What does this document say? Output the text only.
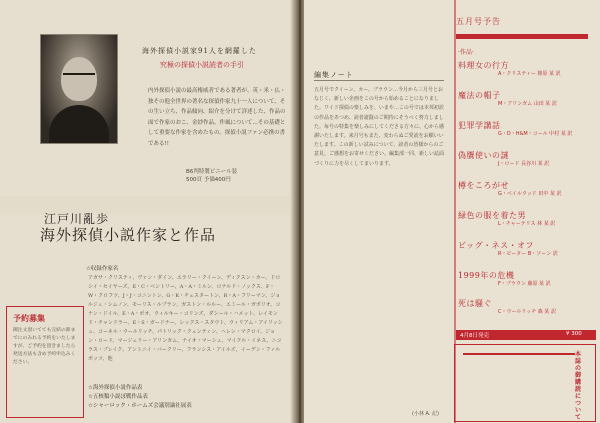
海外探偵小説家91人を網羅した
究極の探偵小説読者の手引
内外探偵小説の最高権威者である著者が、英・米・仏・独その他全世界の著名な探偵作家九十一人について、その生い立ち、作品傾向、紹介を分けて詳述した、作品の面で作家のおこ、金紗作品、作風について…その基礎として重要な作家を含めたもの。探偵小説ファン必携の書である!!
B6判特製ビニール装
500頁 予価400円
江戸川亂歩
海外探偵小説作家と作品
☆収録作家名
アガサ・クリスティ、ヴァン・ダイン、エラリー・クイーン、ディクスン・カー、ドロシイ・セイヤーズ、E・C・ベントリー、A・A・ミルン、ロナルド・ノックス、F・W・クロフツ、J・J・コニントン、G・K・チェスタートン、R・A・フリーマン、ジョルジュ・シムノン、モーリス・ルブラン、ガストン・ルルー、エミール・ガボリオ、コナン・ドイル、E・A・ポオ、ウィルキー・コリンズ、ダシール・ハメット、レイモンド・チャンドラー、E・S・ガードナー、レックス・スタウト、ウィリアム・アイリッシュ、コーネル・ウールリッチ、パトリック・クェンティン、ヘレン・マクロイ、ジョン・ロード、マージェリー・アリンガム、ナイオ・マーシュ、マイクル・イネス、ニコラス・ブレイク、アントニイ・バークリー、フランシス・アイルズ、イーデン・フィルポッツ、他
☆海外探偵小説作品表
☆五核類小説ぼ戦作品表
☆シャーロック・ホームズ会議別論社展表
予約募集
御注文頂いてても完結の節までにのみれる予約をいたしますが、ご予約を頂きましたら発送方法も含め予約申込みください。
編集ノート
五月号でクイーン、カー、ブラウン…今月から三月号とおなじく、新しい企画をこの号から始めることになりました。ワイド探偵の楽しみを、いまや…この号では本邦初訳の作品をあつめ、読者諸賢のご期待にそうべく努力しました。毎号の特集を楽しみにしてくださる方々に、心から感謝いたします。来月号もまた、変わらぬご愛読をお願いいたします。この新しい試みについて、読者の皆様からのご意見、ご感想をお寄せください。編集部一同、新しい誌面づくりに力を尽くしてまいります。
(小林 A. 記)
五月号予告
·作品·
料理女の行方
A・クリスティー 篠原 某 訳
魔法の帽子
M・アリンガム 山田 某 訳
犯罪学講話
G・D・H&M・コール 中村 某 訳
偽贋使いの謎
J・ロード 長谷川 某 訳
樽をころがせ
G・ベイルウッド 田中 某 訳
緑色の服を着た男
L・チャーテリス 林 某 訳
ビッグ・ネス・オフ
R・ピーター B・ソーン 訳
1999年の危機
F・ブラウン 藤原 某 訳
死は騒ぐ
C・ウールリッチ 森 某 訳
4月8日発売	¥ 300
本誌の御購読について
